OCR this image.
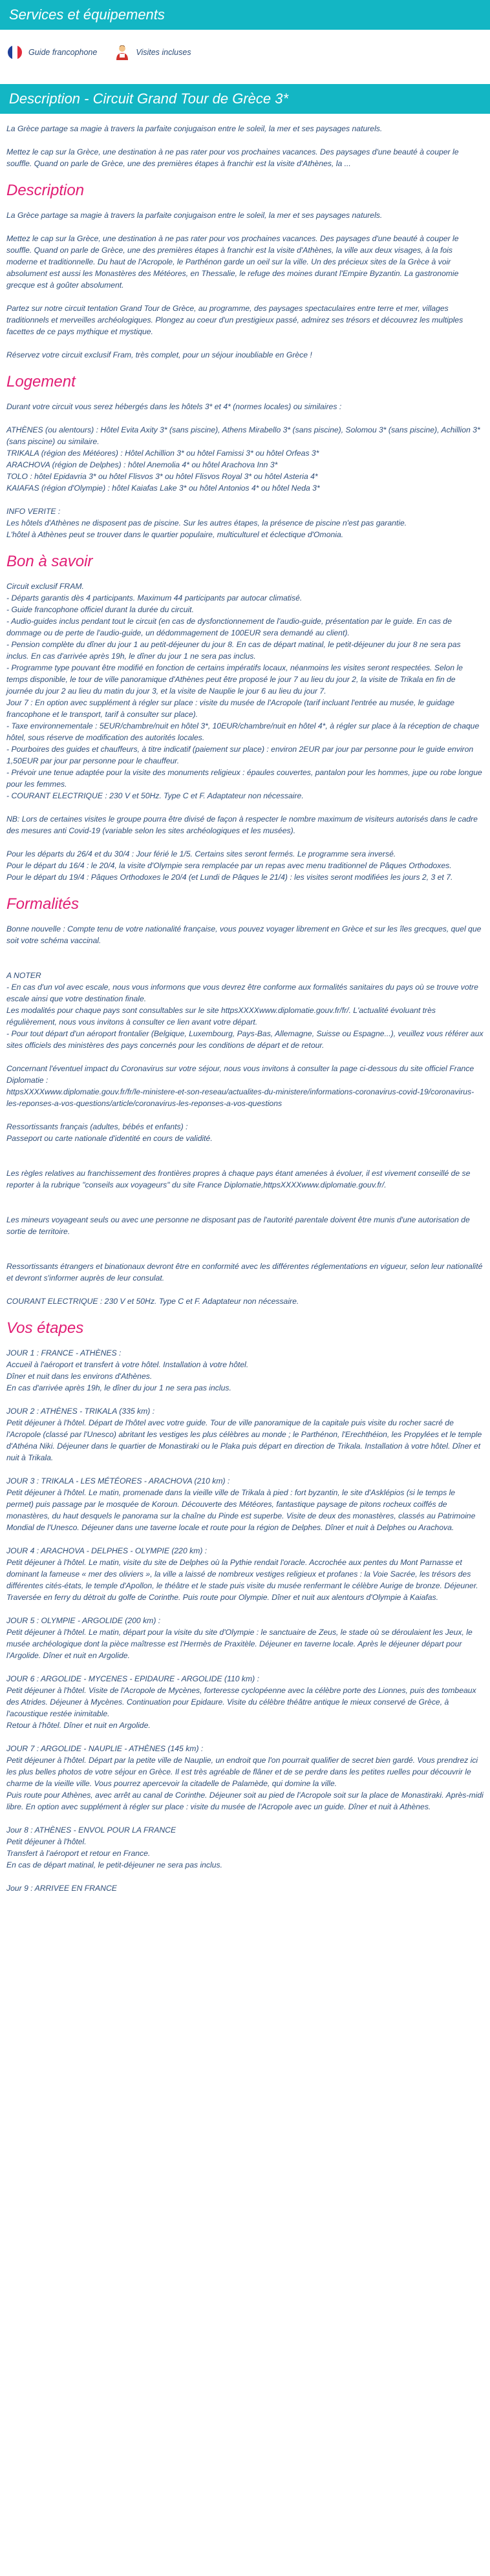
Services et équipements
Guide francophone	Visites incluses
Description - Circuit Grand Tour de Grèce 3*

La Grèce partage sa magie à travers la parfaite conjugaison entre le soleil, la mer et ses paysages naturels.

Mettez le cap sur la Grèce, une destination à ne pas rater pour vos prochaines vacances. Des paysages d'une beauté à couper le souffle. Quand on parle de Grèce, une des premières étapes à franchir est la visite d'Athènes, la ...

Description

La Grèce partage sa magie à travers la parfaite conjugaison entre le soleil, la mer et ses paysages naturels.

Mettez le cap sur la Grèce, une destination à ne pas rater pour vos prochaines vacances. Des paysages d'une beauté à couper le souffle. Quand on parle de Grèce, une des premières étapes à franchir est la visite d'Athènes, la ville aux deux visages, à la fois moderne et traditionnelle. Du haut de l'Acropole, le Parthénon garde un oeil sur la ville. Un des précieux sites de la Grèce à voir absolument est aussi les Monastères des Météores, en Thessalie, le refuge des moines durant l'Empire Byzantin. La gastronomie grecque est à goûter absolument.

Partez sur notre circuit tentation Grand Tour de Grèce, au programme, des paysages spectaculaires entre terre et mer, villages traditionnels et merveilles archéologiques. Plongez au coeur d'un prestigieux passé, admirez ses trésors et découvrez les multiples facettes de ce pays mythique et mystique.

Réservez votre circuit exclusif Fram, très complet, pour un séjour inoubliable en Grèce !

Logement

Durant votre circuit vous serez hébergés dans les hôtels 3* et 4* (normes locales) ou similaires :

ATHÈNES (ou alentours) : Hôtel Evita Axity 3* (sans piscine), Athens Mirabello 3* (sans piscine), Solomou 3* (sans piscine), Achillion 3* (sans piscine) ou similaire.

TRIKALA (région des Météores) : Hôtel Achillion 3* ou hôtel Famissi 3* ou hôtel Orfeas 3*

ARACHOVA (région de Delphes) : hôtel Anemolia 4* ou hôtel Arachova Inn 3*

TOLO : hôtel Epidavria 3* ou hôtel Flisvos 3* ou hôtel Flisvos Royal 3* ou hôtel Asteria 4*

KAIAFAS (région d'Olympie) : hôtel Kaiafas Lake 3* ou hôtel Antonios 4* ou hôtel Neda 3*

INFO VERITE :

Les hôtels d'Athènes ne disposent pas de piscine. Sur les autres étapes, la présence de piscine n'est pas garantie.

L'hôtel à Athènes peut se trouver dans le quartier populaire, multiculturel et éclectique d'Omonia.

Bon à savoir

Circuit exclusif FRAM.

- Départs garantis dès 4 participants. Maximum 44 participants par autocar climatisé.

- Guide francophone officiel durant la durée du circuit.

- Audio-guides inclus pendant tout le circuit (en cas de dysfonctionnement de l'audio-guide, présentation par le guide. En cas de dommage ou de perte de l'audio-guide, un dédommagement de 100EUR sera demandé au client).

- Pension complète du dîner du jour 1 au petit-déjeuner du jour 8. En cas de départ matinal, le petit-déjeuner du jour 8 ne sera pas inclus. En cas d'arrivée après 19h, le dîner du jour 1 ne sera pas inclus.

- Programme type pouvant être modifié en fonction de certains impératifs locaux, néanmoins les visites seront respectées. Selon le temps disponible, le tour de ville panoramique d'Athènes peut être proposé le jour 7 au lieu du jour 2, la visite de Trikala en fin de journée du jour 2 au lieu du matin du jour 3, et la visite de Nauplie le jour 6 au lieu du jour 7.

Jour 7 : En option avec supplément à régler sur place : visite du musée de l'Acropole (tarif incluant l'entrée au musée, le guidage francophone et le transport, tarif à consulter sur place).

- Taxe environnementale : 5EUR/chambre/nuit en hôtel 3*, 10EUR/chambre/nuit en hôtel 4*, à régler sur place à la réception de chaque hôtel, sous réserve de modification des autorités locales.

- Pourboires des guides et chauffeurs, à titre indicatif (paiement sur place) : environ 2EUR par jour par personne pour le guide environ 1,50EUR par jour par personne pour le chauffeur.

- Prévoir une tenue adaptée pour la visite des monuments religieux : épaules couvertes, pantalon pour les hommes, jupe ou robe longue pour les femmes.

- COURANT ELECTRIQUE : 230 V et 50Hz. Type C et F. Adaptateur non nécessaire.

NB: Lors de certaines visites le groupe pourra être divisé de façon à respecter le nombre maximum de visiteurs autorisés dans le cadre des mesures anti Covid-19 (variable selon les sites archéologiques et les musées).

Pour les départs du 26/4 et du 30/4 : Jour férié le 1/5. Certains sites seront fermés. Le programme sera inversé.

Pour le départ du 16/4 : le 20/4, la visite d'Olympie sera remplacée par un repas avec menu traditionnel de Pâques Orthodoxes.

Pour le départ du 19/4 : Pâques Orthodoxes le 20/4 (et Lundi de Pâques le 21/4) : les visites seront modifiées les jours 2, 3 et 7.

Formalités

Bonne nouvelle : Compte tenu de votre nationalité française, vous pouvez voyager librement en Grèce et sur les îles grecques, quel que soit votre schéma vaccinal.

A NOTER

- En cas d'un vol avec escale, nous vous informons que vous devrez être conforme aux formalités sanitaires du pays où se trouve votre escale ainsi que votre destination finale.

Les modalités pour chaque pays sont consultables sur le site httpsXXXXwww.diplomatie.gouv.fr/fr/. L'actualité évoluant très régulièrement, nous vous invitons à consulter ce lien avant votre départ.

- Pour tout départ d'un aéroport frontalier (Belgique, Luxembourg, Pays-Bas, Allemagne, Suisse ou Espagne...), veuillez vous référer aux sites officiels des ministères des pays concernés pour les conditions de départ et de retour.

Concernant l'éventuel impact du Coronavirus sur votre séjour, nous vous invitons à consulter la page ci-dessous du site officiel France Diplomatie :

httpsXXXXwww.diplomatie.gouv.fr/fr/le-ministere-et-son-reseau/actualites-du-ministere/informations-coronavirus-covid-19/coronavirus-les-reponses-a-vos-questions/article/coronavirus-les-reponses-a-vos-questions

Ressortissants français (adultes, bébés et enfants) :

Passeport ou carte nationale d'identité en cours de validité.

Les règles relatives au franchissement des frontières propres à chaque pays étant amenées à évoluer, il est vivement conseillé de se reporter à la rubrique "conseils aux voyageurs" du site France Diplomatie,httpsXXXXwww.diplomatie.gouv.fr/.

Les mineurs voyageant seuls ou avec une personne ne disposant pas de l'autorité parentale doivent être munis d'une autorisation de sortie de territoire.

Ressortissants étrangers et binationaux devront être en conformité avec les différentes réglementations en vigueur, selon leur nationalité et devront s'informer auprès de leur consulat.

COURANT ELECTRIQUE : 230 V et 50Hz. Type C et F. Adaptateur non nécessaire.

Vos étapes

JOUR 1 : FRANCE - ATHÈNES :

Accueil à l'aéroport et transfert à votre hôtel. Installation à votre hôtel.

Dîner et nuit dans les environs d'Athènes.

En cas d'arrivée après 19h, le dîner du jour 1 ne sera pas inclus.

JOUR 2 : ATHÈNES - TRIKALA (335 km) :

Petit déjeuner à l'hôtel. Départ de l'hôtel avec votre guide. Tour de ville panoramique de la capitale puis visite du rocher sacré de l'Acropole (classé par l'Unesco) abritant les vestiges les plus célèbres au monde ; le Parthénon, l'Erechthéion, les Propylées et le temple d'Athéna Niki. Déjeuner dans le quartier de Monastiraki ou le Plaka puis départ en direction de Trikala. Installation à votre hôtel. Dîner et nuit à Trikala.

JOUR 3 : TRIKALA - LES MÉTÉORES - ARACHOVA (210 km) :

Petit déjeuner à l'hôtel. Le matin, promenade dans la vieille ville de Trikala à pied : fort byzantin, le site d'Asklépios (si le temps le permet) puis passage par le mosquée de Koroun. Découverte des Météores, fantastique paysage de pitons rocheux coiffés de monastères, du haut desquels le panorama sur la chaîne du Pinde est superbe. Visite de deux des monastères, classés au Patrimoine Mondial de l'Unesco. Déjeuner dans une taverne locale et route pour la région de Delphes. Dîner et nuit à Delphes ou Arachova.

JOUR 4 : ARACHOVA - DELPHES - OLYMPIE (220 km) :

Petit déjeuner à l'hôtel. Le matin, visite du site de Delphes où la Pythie rendait l'oracle. Accrochée aux pentes du Mont Parnasse et dominant la fameuse « mer des oliviers », la ville a laissé de nombreux vestiges religieux et profanes : la Voie Sacrée, les trésors des différentes cités-états, le temple d'Apollon, le théâtre et le stade puis visite du musée renfermant le célèbre Aurige de bronze. Déjeuner. Traversée en ferry du détroit du golfe de Corinthe. Puis route pour Olympie. Dîner et nuit aux alentours d'Olympie à Kaiafas.

JOUR 5 : OLYMPIE - ARGOLIDE (200 km) :

Petit déjeuner à l'hôtel. Le matin, départ pour la visite du site d'Olympie : le sanctuaire de Zeus, le stade où se déroulaient les Jeux, le musée archéologique dont la pièce maîtresse est l'Hermès de Praxitèle. Déjeuner en taverne locale. Après le déjeuner départ pour l'Argolide. Dîner et nuit en Argolide.

JOUR 6 : ARGOLIDE - MYCENES - EPIDAURE - ARGOLIDE (110 km) :

Petit déjeuner à l'hôtel. Visite de l'Acropole de Mycènes, forteresse cyclopéenne avec la célèbre porte des Lionnes, puis des tombeaux des Atrides. Déjeuner à Mycènes. Continuation pour Epidaure. Visite du célèbre théâtre antique le mieux conservé de Grèce, à l'acoustique restée inimitable.

Retour à l'hôtel. Dîner et nuit en Argolide.

JOUR 7 : ARGOLIDE - NAUPLIE - ATHÈNES (145 km) :

Petit déjeuner à l'hôtel. Départ par la petite ville de Nauplie, un endroit que l'on pourrait qualifier de secret bien gardé. Vous prendrez ici les plus belles photos de votre séjour en Grèce. Il est très agréable de flâner et de se perdre dans les petites ruelles pour découvrir le charme de la vieille ville. Vous pourrez apercevoir la citadelle de Palamède, qui domine la ville.

Puis route pour Athènes, avec arrêt au canal de Corinthe. Déjeuner soit au pied de l'Acropole soit sur la place de Monastiraki. Après-midi libre. En option avec supplément à régler sur place : visite du musée de l'Acropole avec un guide. Dîner et nuit à Athènes.

Jour 8 : ATHÈNES - ENVOL POUR LA FRANCE

Petit déjeuner à l'hôtel.

Transfert à l'aéroport et retour en France.

En cas de départ matinal, le petit-déjeuner ne sera pas inclus.

Jour 9 : ARRIVEE EN FRANCE
